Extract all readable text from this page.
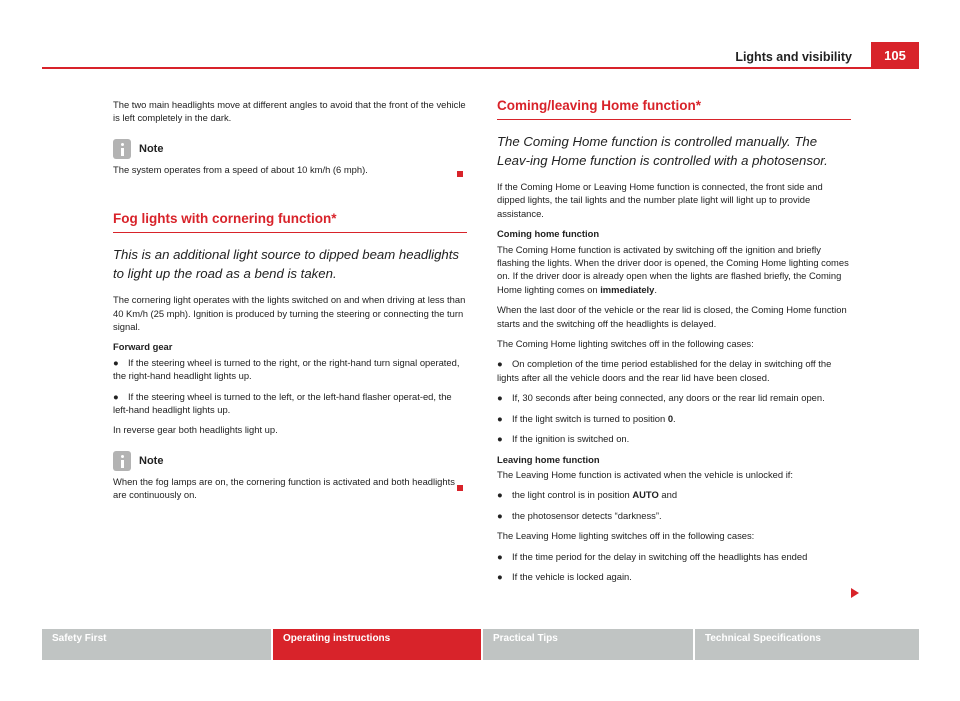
Lights and visibility	105

The two main headlights move at different angles to avoid that the front of the vehicle is left completely in the dark.

Note

The system operates from a speed of about 10 km/h (6 mph).

Fog lights with cornering function*

This is an additional light source to dipped beam headlights to light up the road as a bend is taken.

The cornering light operates with the lights switched on and when driving at less than 40 Km/h (25 mph). Ignition is produced by turning the steering or connecting the turn signal.

Forward gear

● If the steering wheel is turned to the right, or the right-hand turn signal operated, the right-hand headlight lights up.

● If the steering wheel is turned to the left, or the left-hand flasher operat-ed, the left-hand headlight lights up.

In reverse gear both headlights light up.

Note

When the fog lamps are on, the cornering function is activated and both headlights are continuously on.

Coming/leaving Home function*

The Coming Home function is controlled manually. The Leav-ing Home function is controlled with a photosensor.

If the Coming Home or Leaving Home function is connected, the front side and dipped lights, the tail lights and the number plate light will light up to provide assistance.

Coming home function

The Coming Home function is activated by switching off the ignition and briefly flashing the lights. When the driver door is opened, the Coming Home lighting comes on. If the driver door is already open when the lights are flashed briefly, the Coming Home lighting comes on immediately.

When the last door of the vehicle or the rear lid is closed, the Coming Home function starts and the switching off the headlights is delayed.

The Coming Home lighting switches off in the following cases:

● On completion of the time period established for the delay in switching off the lights after all the vehicle doors and the rear lid have been closed.

● If, 30 seconds after being connected, any doors or the rear lid remain open.

● If the light switch is turned to position 0.

● If the ignition is switched on.

Leaving home function

The Leaving Home function is activated when the vehicle is unlocked if:

● the light control is in position AUTO and

● the photosensor detects “darkness”.

The Leaving Home lighting switches off in the following cases:

● If the time period for the delay in switching off the headlights has ended

● If the vehicle is locked again.

Safety First	Operating instructions	Practical Tips	Technical Specifications
